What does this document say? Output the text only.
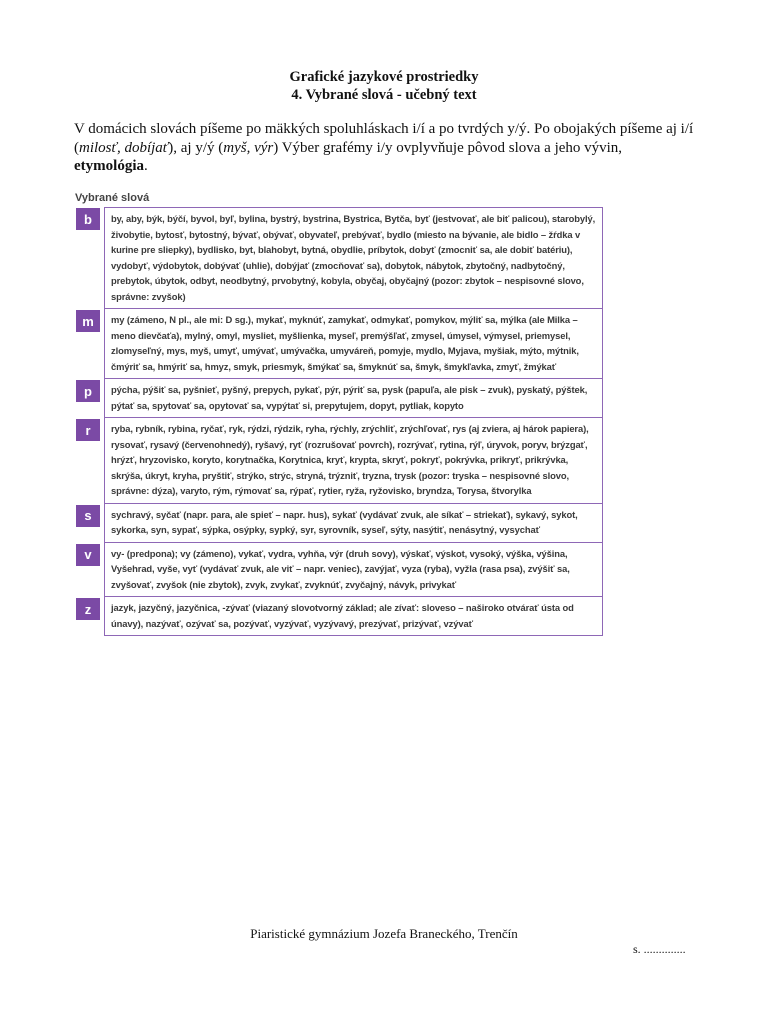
Grafické jazykové prostriedky
4. Vybrané slová - učebný text
V domácich slovách píšeme po mäkkých spoluhláskach i/í a po tvrdých y/ý. Po obojakých píšeme aj i/í (milosť, dobíjať), aj y/ý (myš, výr) Výber grafémy i/y ovplyvňuje pôvod slova a jeho vývin, etymológia.
Vybrané slová
b	by, aby, býk, býčí, byvol, byľ, bylina, bystrý, bystrina, Bystrica, Bytča, byť (jestvovať, ale biť palicou), starobylý, živobytie, bytosť, bytostný, bývať, obývať, obyvateľ, prebývať, bydlo (miesto na bývanie, ale bidlo – žŕdka v kurine pre sliepky), bydlisko, byt, blahobyt, bytná, obydlie, príbytok, dobyť (zmocniť sa, ale dobiť batériu), vydobyť, výdobytok, dobývať (uhlie), dobýjať (zmocňovať sa), dobytok, nábytok, zbytočný, nadbytočný, prebytok, úbytok, odbyt, neodbytný, prvobytný, kobyla, obyčaj, obyčajný (pozor: zbytok – nespisovné slovo, správne: zvyšok)
m	my (zámeno, N pl., ale mi: D sg.), mykať, myknúť, zamykať, odmykať, pomykov, mýliť sa, mýlka (ale Milka – meno dievčaťa), mylný, omyl, mysliet, myšlienka, myseľ, premýšľať, zmysel, úmysel, výmysel, priemysel, zlomyseľný, mys, myš, umyť, umývať, umývačka, umyváreň, pomyje, mydlo, Myjava, myšiak, mýto, mýtnik, čmýriť sa, hmýriť sa, hmyz, smyk, priesmyk, šmýkať sa, šmyknúť sa, šmyk, šmykľavka, zmyť, žmýkať
p	pýcha, pýšiť sa, pyšnieť, pyšný, prepych, pykať, pýr, pýriť sa, pysk (papuľa, ale pisk – zvuk), pyskatý, pýštek, pýtať sa, spytovať sa, opytovať sa, vypýtať si, prepytujem, dopyt, pytliak, kopyto
r	ryba, rybník, rybina, ryčať, ryk, rýdzi, rýdzik, ryha, rýchly, zrýchliť, zrýchľovať, rys (aj zviera, aj hárok papiera), rysovať, rysavý (červenohnedý), ryšavý, ryť (rozrušovať povrch), rozrývať, rytina, rýľ, úryvok, poryv, brýzgať, hrýzť, hryzovisko, koryto, korytnačka, Korytnica, kryť, krypta, skryť, pokryť, pokrývka, prikryť, prikrývka, skrýša, úkryt, kryha, pryštiť, strýko, strýc, stryná, trýzniť, tryzna, trysk (pozor: tryska – nespisovné slovo, správne: dýza), varyto, rým, rýmovať sa, rýpať, rytier, ryža, ryžovisko, bryndza, Torysa, štvorylka
s	sychravý, syčať (napr. para, ale spieť – napr. hus), sykať (vydávať zvuk, ale síkať – striekať), sykavý, sykot, sykorka, syn, sypať, sýpka, osýpky, sypký, syr, syrovník, syseľ, sýty, nasýtiť, nenásytný, vysychať
v	vy- (predpona); vy (zámeno), vykať, vydra, vyhňa, výr (druh sovy), výskať, výskot, vysoký, výška, výšina, Vyšehrad, vyše, vyť (vydávať zvuk, ale viť – napr. veniec), zavýjať, vyza (ryba), vyžla (rasa psa), zvýšiť sa, zvyšovať, zvyšok (nie zbytok), zvyk, zvykať, zvyknúť, zvyčajný, návyk, privykať
z	jazyk, jazyčný, jazyčnica, -zývať (viazaný slovotvorný základ; ale zívať: sloveso – naširoko otvárať ústa od únavy), nazývať, ozývať sa, pozývať, vyzývať, vyzývavý, prezývať, prizývať, vzývať
Piaristické gymnázium Jozefa Braneckého, Trenčín
s. ..............
